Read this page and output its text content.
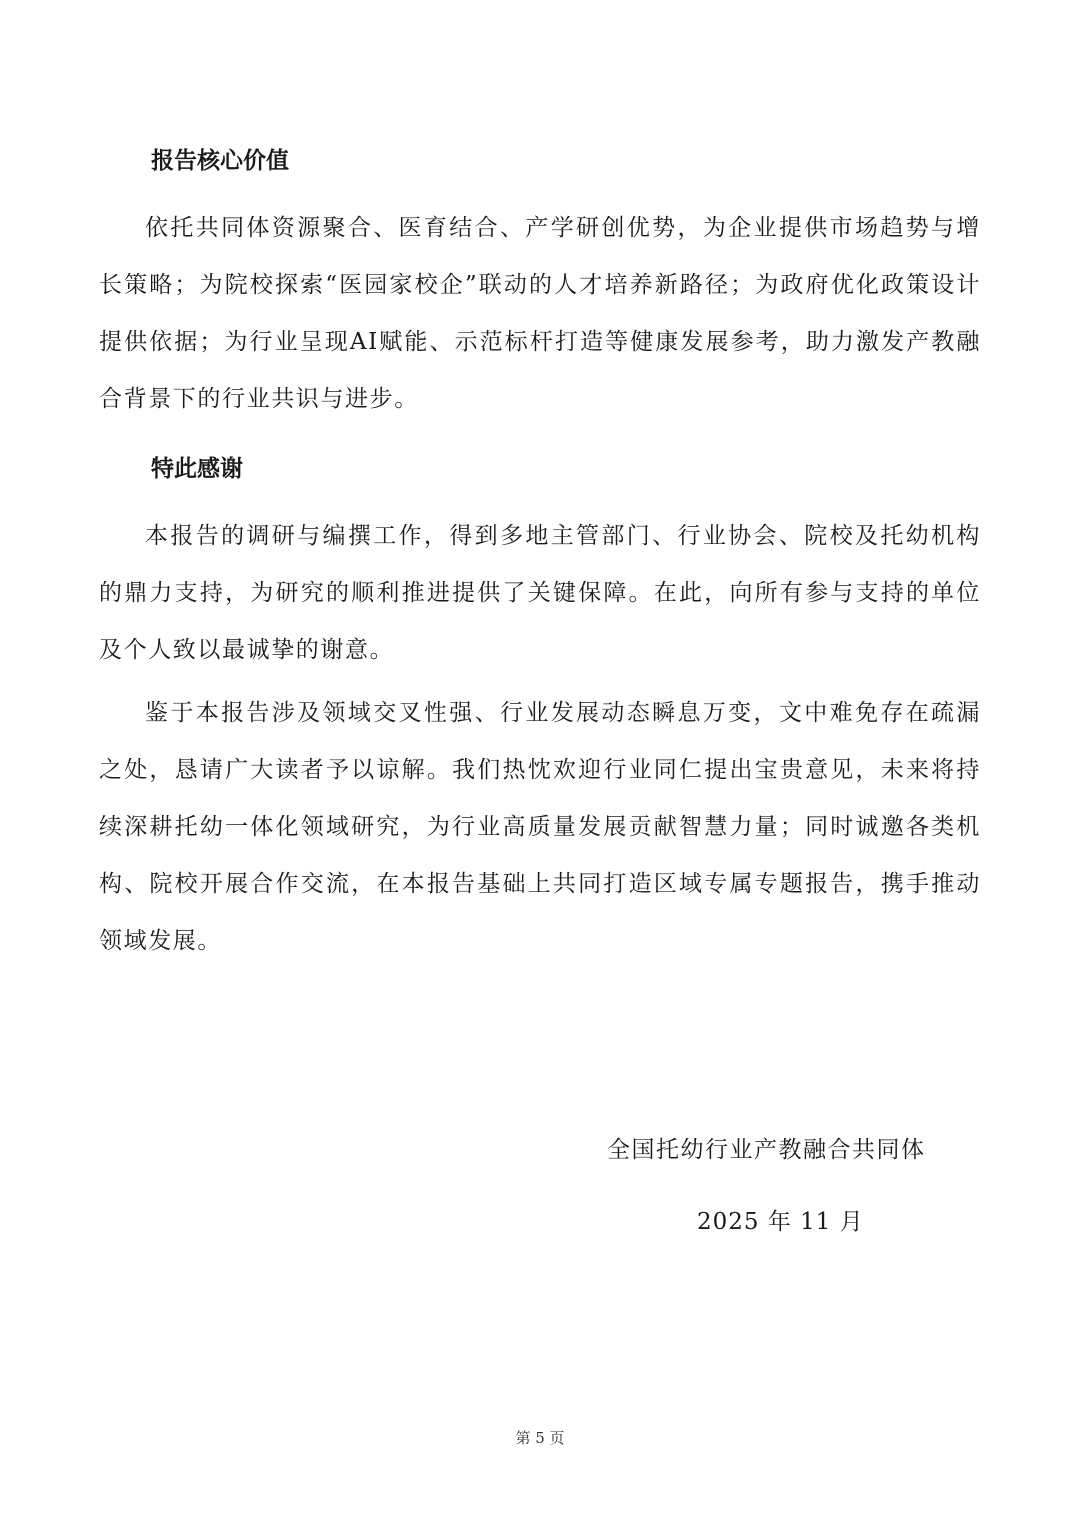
报告核心价值

依托共同体资源聚合、医育结合、产学研创优势，为企业提供市场趋势与增长策略；为院校探索“医园家校企”联动的人才培养新路径；为政府优化政策设计提供依据；为行业呈现AI赋能、示范标杆打造等健康发展参考，助力激发产教融合背景下的行业共识与进步。

特此感谢

本报告的调研与编撰工作，得到多地主管部门、行业协会、院校及托幼机构的鼎力支持，为研究的顺利推进提供了关键保障。在此，向所有参与支持的单位及个人致以最诚挚的谢意。

鉴于本报告涉及领域交叉性强、行业发展动态瞬息万变，文中难免存在疏漏之处，恳请广大读者予以谅解。我们热忱欢迎行业同仁提出宝贵意见，未来将持续深耕托幼一体化领域研究，为行业高质量发展贡献智慧力量；同时诚邀各类机构、院校开展合作交流，在本报告基础上共同打造区域专属专题报告，携手推动领域发展。

全国托幼行业产教融合共同体
2025 年 11 月
第 5 页
